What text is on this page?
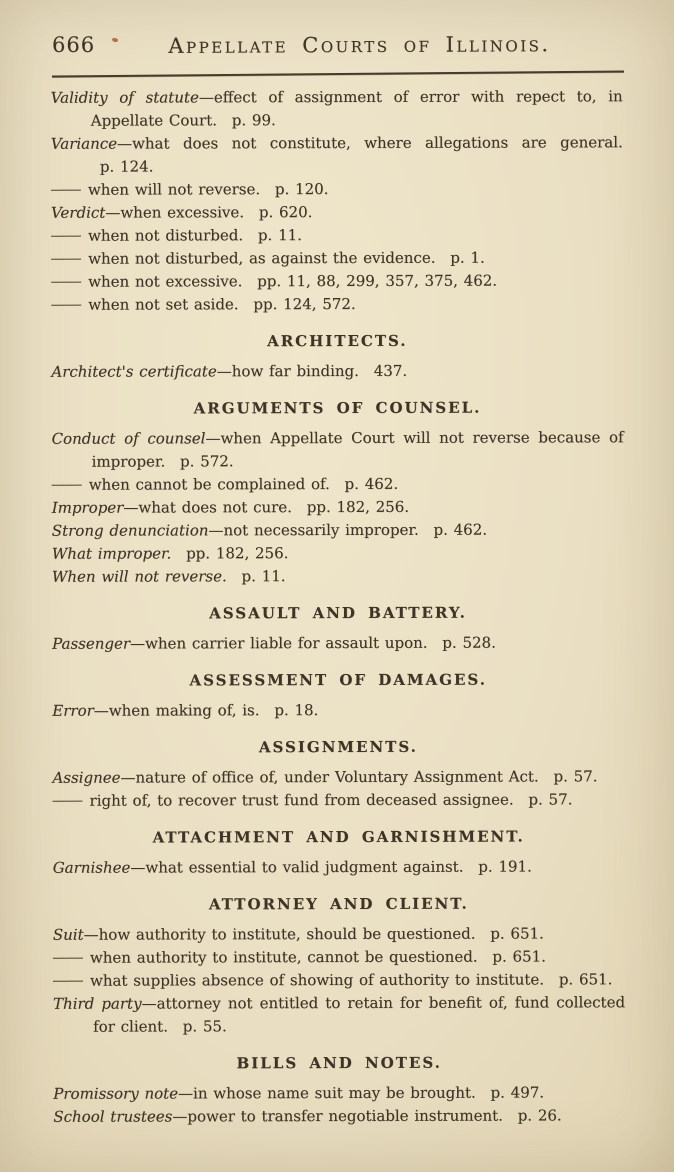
666	Appellate Courts of Illinois.
Validity of statute—effect of assignment of error with repect to, in Appellate Court. p. 99.
Variance—what does not constitute, where allegations are general. p. 124.
when will not reverse. p. 120.
Verdict—when excessive. p. 620.
when not disturbed. p. 11.
when not disturbed, as against the evidence. p. 1.
when not excessive. pp. 11, 88, 299, 357, 375, 462.
when not set aside. pp. 124, 572.
ARCHITECTS.
Architect's certificate—how far binding. 437.
ARGUMENTS OF COUNSEL.
Conduct of counsel—when Appellate Court will not reverse because of improper. p. 572.
when cannot be complained of. p. 462.
Improper—what does not cure. pp. 182, 256.
Strong denunciation—not necessarily improper. p. 462.
What improper. pp. 182, 256.
When will not reverse. p. 11.
ASSAULT AND BATTERY.
Passenger—when carrier liable for assault upon. p. 528.
ASSESSMENT OF DAMAGES.
Error—when making of, is. p. 18.
ASSIGNMENTS.
Assignee—nature of office of, under Voluntary Assignment Act. p. 57.
right of, to recover trust fund from deceased assignee. p. 57.
ATTACHMENT AND GARNISHMENT.
Garnishee—what essential to valid judgment against. p. 191.
ATTORNEY AND CLIENT.
Suit—how authority to institute, should be questioned. p. 651.
when authority to institute, cannot be questioned. p. 651.
what supplies absence of showing of authority to institute. p. 651.
Third party—attorney not entitled to retain for benefit of, fund collected for client. p. 55.
BILLS AND NOTES.
Promissory note—in whose name suit may be brought. p. 497.
School trustees—power to transfer negotiable instrument. p. 26.
